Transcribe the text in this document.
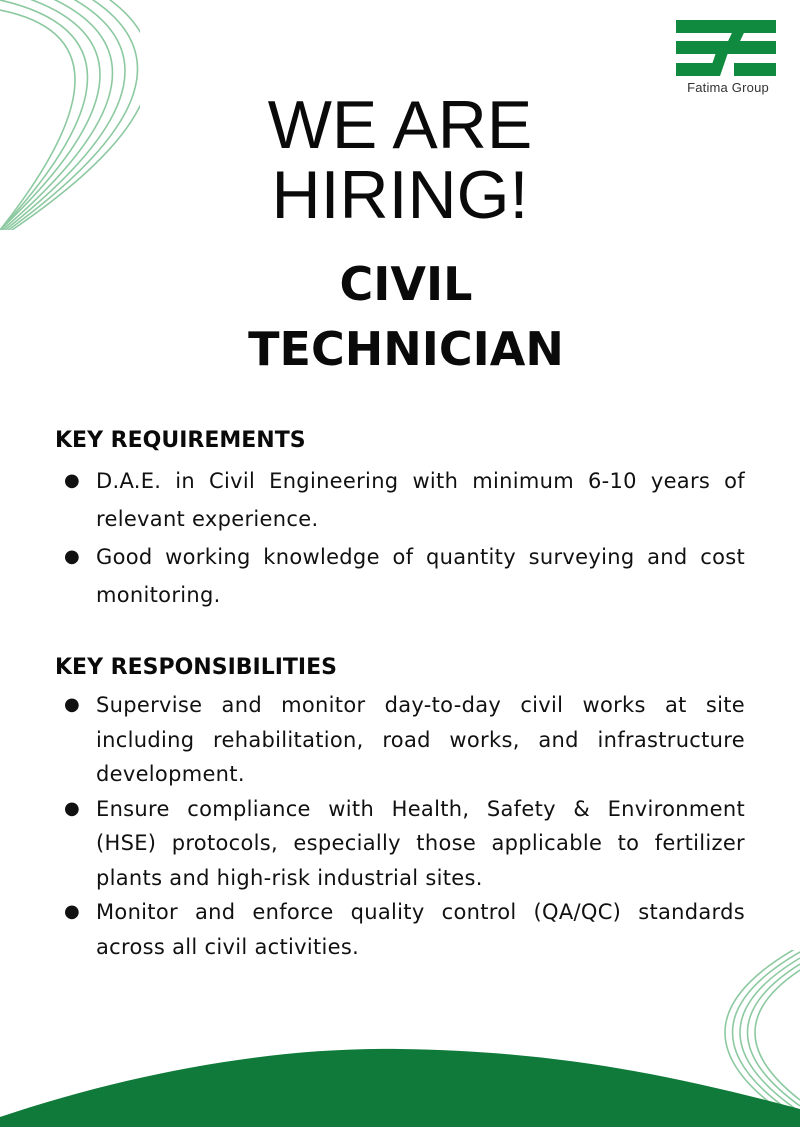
Fatima Group
WE ARE
HIRING!
CIVIL
TECHNICIAN
KEY REQUIREMENTS
● D.A.E. in Civil Engineering with minimum 6-10 years of relevant experience.
● Good working knowledge of quantity surveying and cost monitoring.
KEY RESPONSIBILITIES
● Supervise and monitor day-to-day civil works at site including rehabilitation, road works, and infrastructure development.
● Ensure compliance with Health, Safety & Environment (HSE) protocols, especially those applicable to fertilizer plants and high-risk industrial sites.
● Monitor and enforce quality control (QA/QC) standards across all civil activities.
